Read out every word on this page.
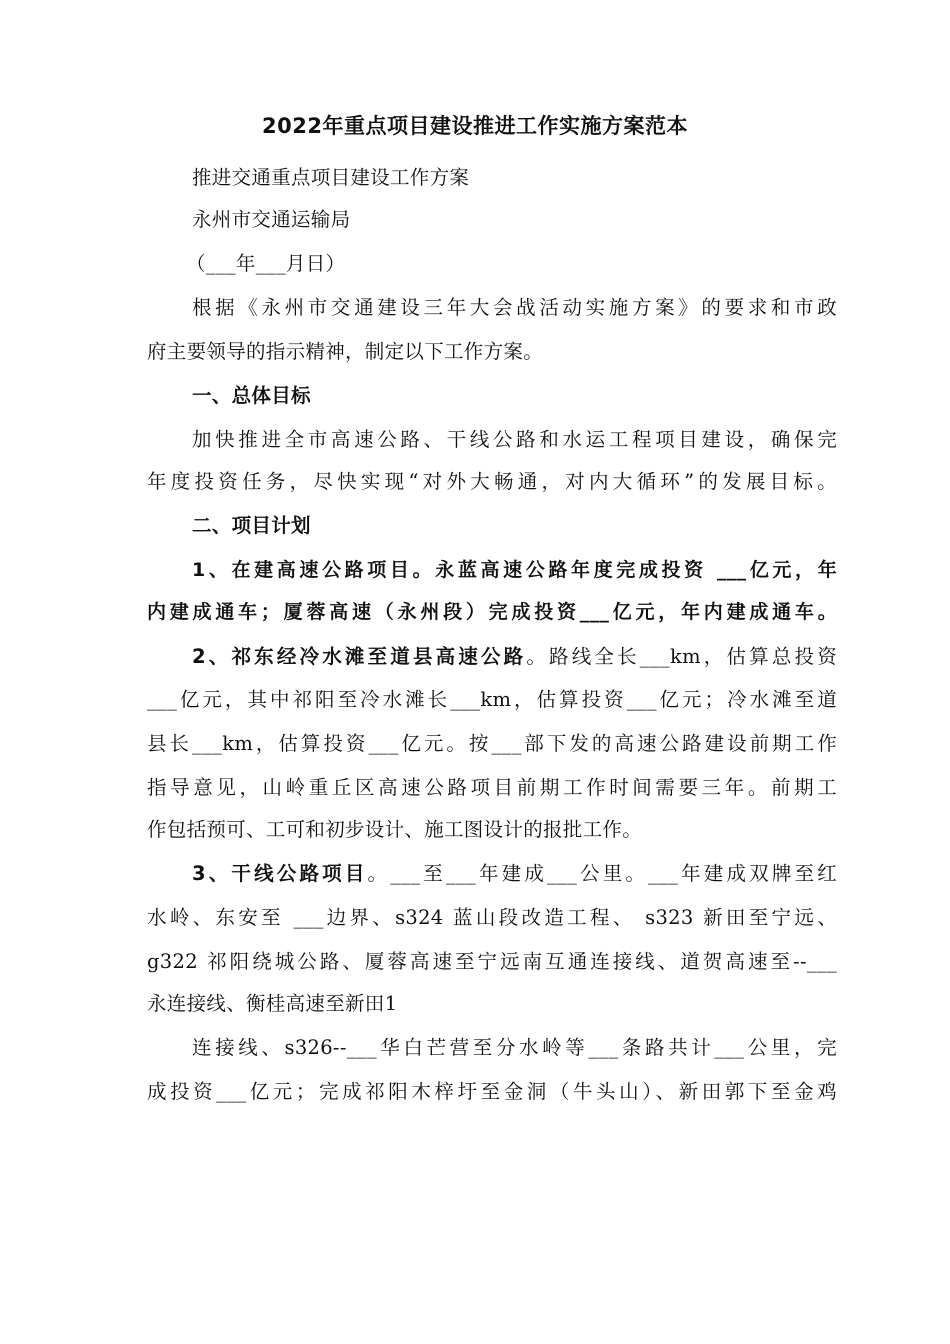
2022年重点项目建设推进工作实施方案范本
推进交通重点项目建设工作方案
永州市交通运输局
（___年___月日）
根据《永州市交通建设三年大会战活动实施方案》的要求和市政
府主要领导的指示精神，制定以下工作方案。
一、总体目标
加快推进全市高速公路、干线公路和水运工程项目建设，确保完
年度投资任务，尽快实现“对外大畅通，对内大循环”的发展目标。
二、项目计划
1、在建高速公路项目。永蓝高速公路年度完成投资 ___亿元，年
内建成通车；厦蓉高速（永州段）完成投资___亿元，年内建成通车。
2、祁东经冷水滩至道县高速公路。路线全长___km，估算总投资
___亿元，其中祁阳至冷水滩长___km，估算投资___亿元；冷水滩至道
县长___km，估算投资___亿元。按___部下发的高速公路建设前期工作
指导意见，山岭重丘区高速公路项目前期工作时间需要三年。前期工
作包括预可、工可和初步设计、施工图设计的报批工作。
3、干线公路项目。___至___年建成___公里。___年建成双牌至红
水岭、东安至 ___边界、s324 蓝山段改造工程、 s323 新田至宁远、
g322 祁阳绕城公路、厦蓉高速至宁远南互通连接线、道贺高速至--___
永连接线、衡桂高速至新田1
连接线、s326--___华白芒营至分水岭等___条路共计___公里，完
成投资___亿元；完成祁阳木梓圩至金洞（牛头山）、新田郭下至金鸡
